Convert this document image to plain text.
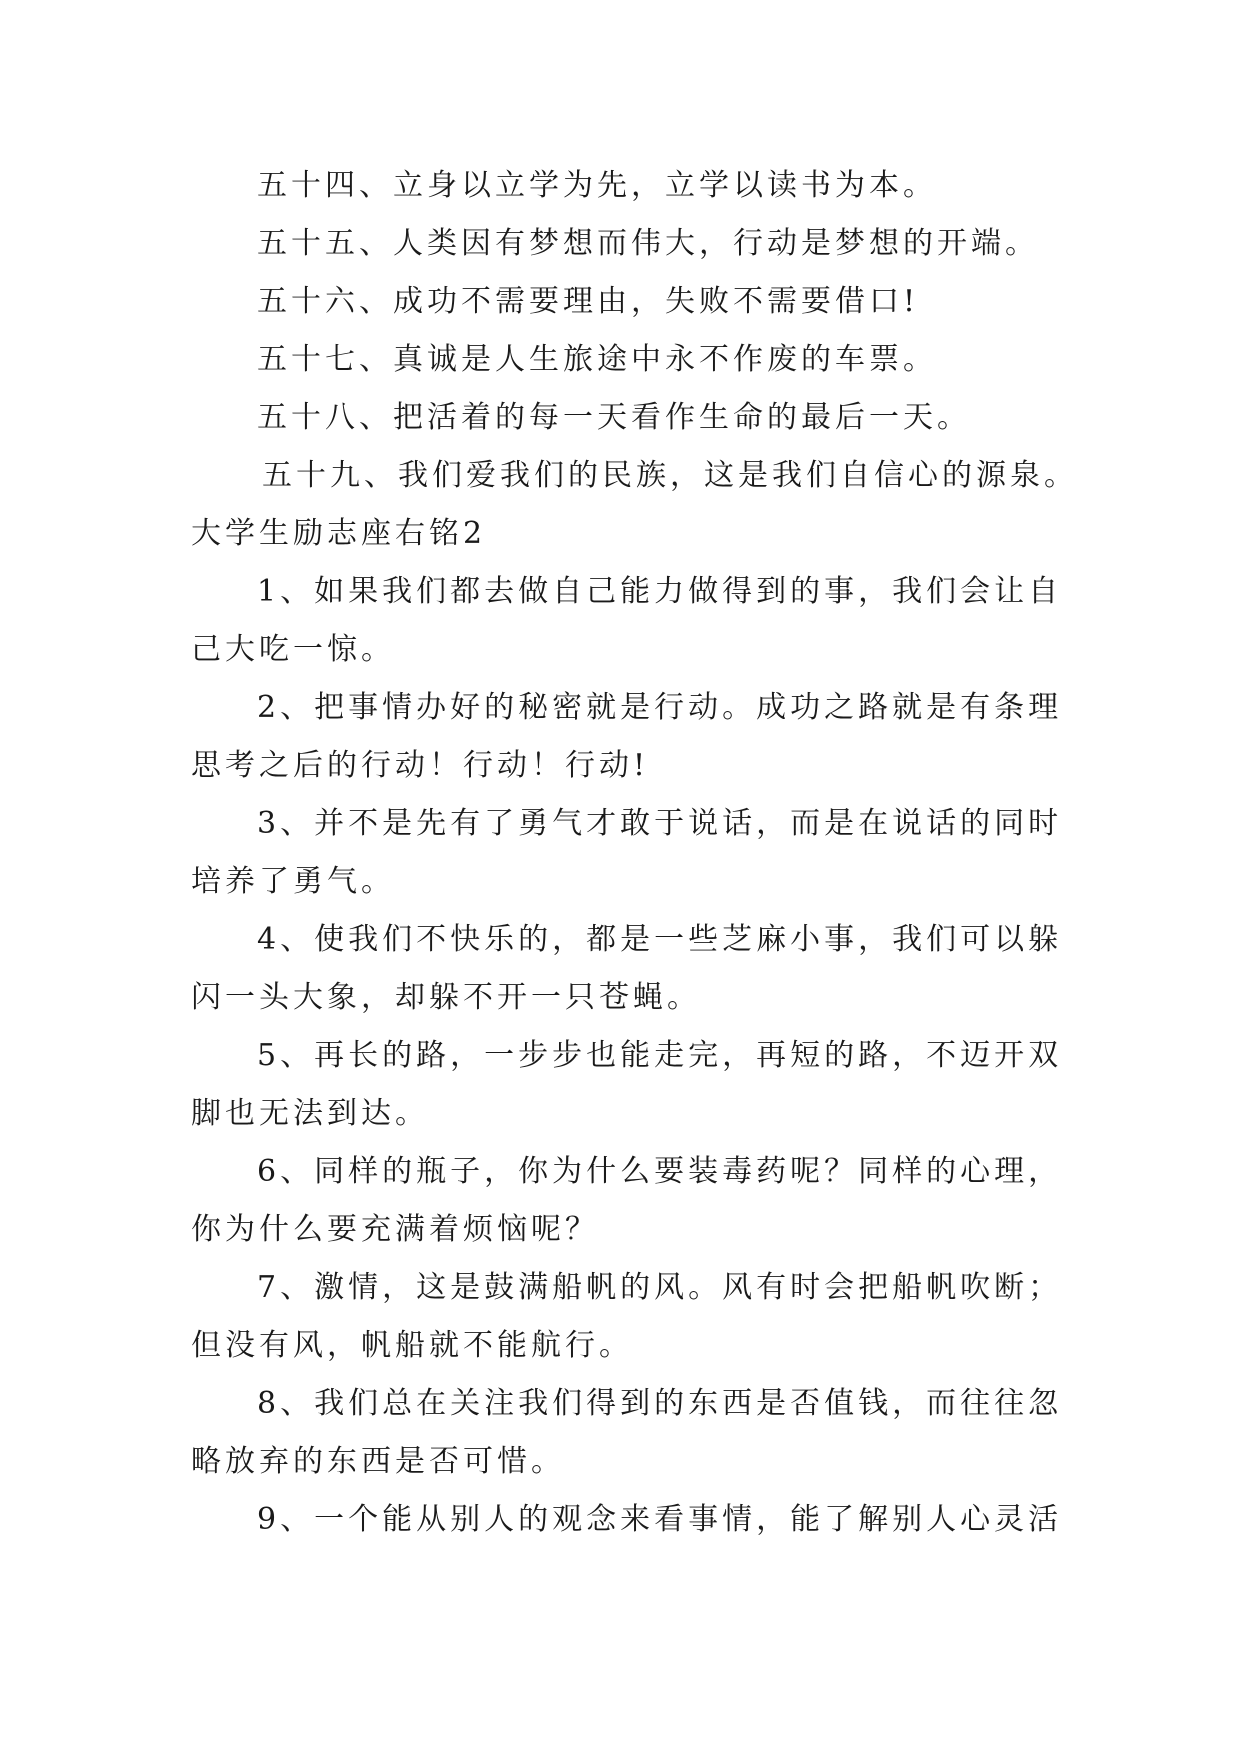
五十四、立身以立学为先，立学以读书为本。
五十五、人类因有梦想而伟大，行动是梦想的开端。
五十六、成功不需要理由，失败不需要借口!
五十七、真诚是人生旅途中永不作废的车票。
五十八、把活着的每一天看作生命的最后一天。
五十九、我们爱我们的民族，这是我们自信心的源泉。
大学生励志座右铭2
1、如果我们都去做自己能力做得到的事，我们会让自
己大吃一惊。
2、把事情办好的秘密就是行动。成功之路就是有条理
思考之后的行动！行动！行动!
3、并不是先有了勇气才敢于说话，而是在说话的同时
培养了勇气。
4、使我们不快乐的，都是一些芝麻小事，我们可以躲
闪一头大象，却躲不开一只苍蝇。
5、再长的路，一步步也能走完，再短的路，不迈开双
脚也无法到达。
6、同样的瓶子，你为什么要装毒药呢？同样的心理，
你为什么要充满着烦恼呢？
7、激情，这是鼓满船帆的风。风有时会把船帆吹断；
但没有风，帆船就不能航行。
8、我们总在关注我们得到的东西是否值钱，而往往忽
略放弃的东西是否可惜。
9、一个能从别人的观念来看事情，能了解别人心灵活
